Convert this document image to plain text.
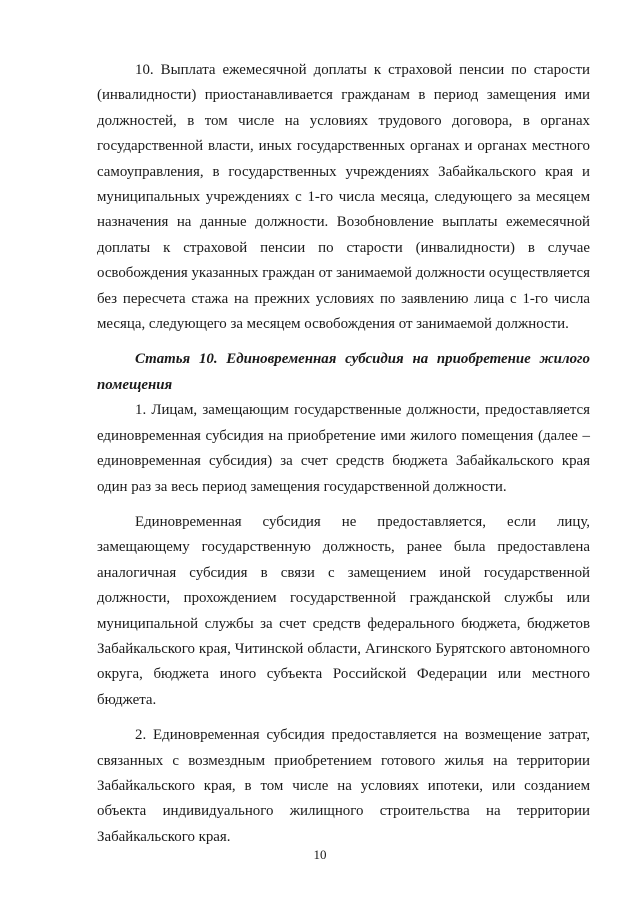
10. Выплата ежемесячной доплаты к страховой пенсии по старости (инвалидности) приостанавливается гражданам в период замещения ими должностей, в том числе на условиях трудового договора, в органах государственной власти, иных государственных органах и органах местного самоуправления, в государственных учреждениях Забайкальского края и муниципальных учреждениях с 1-го числа месяца, следующего за месяцем назначения на данные должности. Возобновление выплаты ежемесячной доплаты к страховой пенсии по старости (инвалидности) в случае освобождения указанных граждан от занимаемой должности осуществляется без пересчета стажа на прежних условиях по заявлению лица с 1-го числа месяца, следующего за месяцем освобождения от занимаемой должности.

Статья 10. Единовременная субсидия на приобретение жилого помещения

1. Лицам, замещающим государственные должности, предоставляется единовременная субсидия на приобретение ими жилого помещения (далее – единовременная субсидия) за счет средств бюджета Забайкальского края один раз за весь период замещения государственной должности.

Единовременная субсидия не предоставляется, если лицу, замещающему государственную должность, ранее была предоставлена аналогичная субсидия в связи с замещением иной государственной должности, прохождением государственной гражданской службы или муниципальной службы за счет средств федерального бюджета, бюджетов Забайкальского края, Читинской области, Агинского Бурятского автономного округа, бюджета иного субъекта Российской Федерации или местного бюджета.

2. Единовременная субсидия предоставляется на возмещение затрат, связанных с возмездным приобретением готового жилья на территории Забайкальского края, в том числе на условиях ипотеки, или созданием объекта индивидуального жилищного строительства на территории Забайкальского края.

10
